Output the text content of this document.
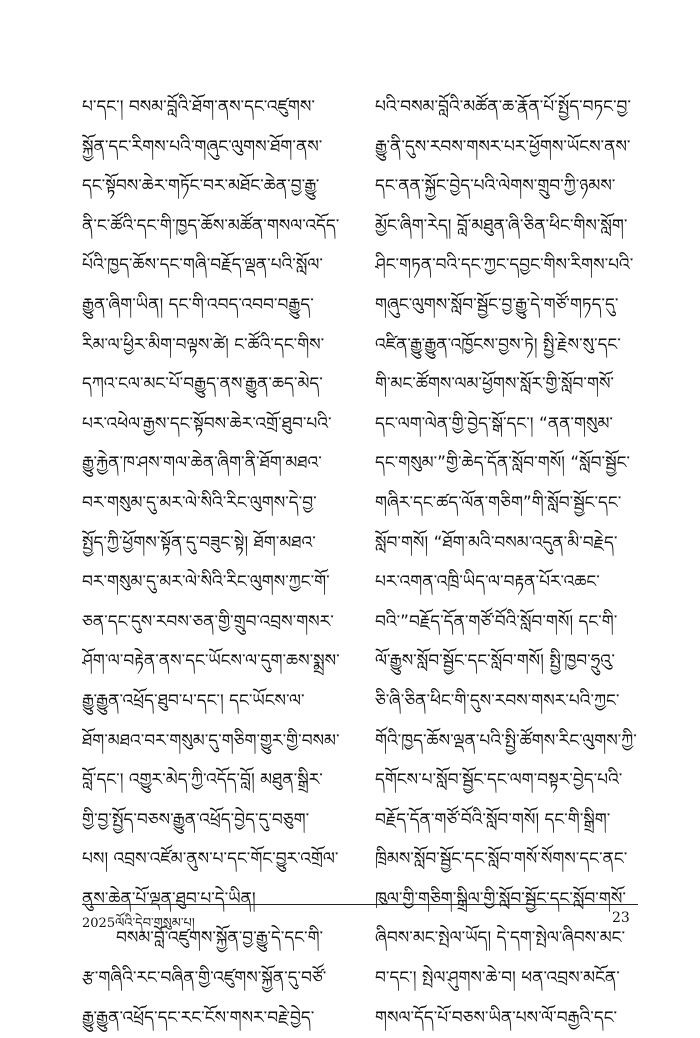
པ་དང་། བསམ་བློའི་ཐོག་ནས་དང་འཛུགས་
སྐྱོན་དང་རིགས་པའི་གཞུང་ལུགས་ཐོག་ནས་
དང་སྟོབས་ཆེར་གཏོང་བར་མཐོང་ཆེན་བྱ་རྒྱུ་
ནི་ང་ཚོའི་དང་གི་ཁྱད་ཆོས་མཚོན་གསལ་འདོད་
པོའི་ཁྱད་ཆོས་དང་གཞི་བརྗོད་ལྡན་པའི་སློལ་
རྒྱུན་ཞིག་ཡིན། དང་གི་འབད་འབབ་བརྒྱུད་
རིམ་ལ་ཕྱིར་མིག་བལྟས་ཚེ། ང་ཚོའི་དང་གིས་
དཀའ་ངལ་མང་པོ་བརྒྱུད་ནས་རྒྱུན་ཆད་མེད་
པར་འཕེལ་རྒྱས་དང་སྟོབས་ཆེར་འགྲོ་ཐུབ་པའི་
རྒྱུ་རྐྱེན་ཁ་ཤས་གལ་ཆེན་ཞིག་ནི་ཐོག་མཐའ་
བར་གསུམ་དུ་མར་ལེ་སིའི་རིང་ལུགས་དེ་བྱ་
སྤྱོད་ཀྱི་ཕྱོགས་སྟོན་དུ་བཟུང་སྟེ། ཐོག་མཐའ་
བར་གསུམ་དུ་མར་ལེ་སིའི་རིང་ལུགས་ཀྱང་གོ་
ཅན་དང་དུས་རབས་ཅན་གྱི་གྲུབ་འབྲས་གསར་
ཤོག་ལ་བརྟེན་ནས་དང་ཡོངས་ལ་དུག་ཆས་སྨྲས་
རྒྱུ་རྒྱུན་འཕྲོད་ཐུབ་པ་དང་། དང་ཡོངས་ལ་
ཐོག་མཐའ་བར་གསུམ་དུ་གཅིག་གྱུར་གྱི་བསམ་
བློ་དང་། འགྱུར་མེད་ཀྱི་འདོད་བློ། མཐུན་སྒྲིར་
གྱི་བྱ་སྤྱོད་བཅས་རྒྱུན་འཕྲོད་བྱེད་དུ་བཅུག་
པས། འབྲས་འཛོམ་ནུས་པ་དང་གོང་བྱུར་འགྲོལ་
ནུས་ཆེན་པོ་ལྡན་ཐུབ་པ་དེ་ཡིན།
བསམ་བློ་འཛུགས་སྐྱོན་བྱ་རྒྱུ་དེ་དང་གི་
རྩ་གཞིའི་རང་བཞིན་གྱི་འཛུགས་སྐྱོན་དུ་བཙོ་
རྒྱུ་རྒྱུན་འཕྲོད་དང་རང་ངོས་གསར་བརྗེ་བྱེད་
པའི་བསམ་བློའི་མཚོན་ཆ་རྣོན་པོ་སྤྱོད་བཏང་བྱ་
རྒྱུ་ནི་དུས་རབས་གསར་པར་ཕྱོགས་ཡོངས་ནས་
དང་ནན་སྐྱོང་བྱེད་པའི་ལེགས་གྲུབ་ཀྱི་ཉམས་
མྱོང་ཞིག་རེད། བློ་མཐུན་ཞི་ཅིན་ཕིང་གིས་སློག་
ཤིང་གཏན་བའི་དང་ཀྱང་དབྱང་གིས་རིགས་པའི་
གཞུང་ལུགས་སློབ་སྦྱོང་བྱ་རྒྱུ་དེ་གཙོ་གཏད་དུ་
འཛིན་རྒྱུ་རྒྱུན་འཁྱོངས་བྱས་ཏེ། སྤྱི་རྗེས་སུ་དང་
གི་མང་ཚོགས་ལམ་ཕྱོགས་སློར་གྱི་སློབ་གསོ་
དང་ལག་ལེན་གྱི་བྱེད་སྒོ་དང་། “ནན་གསུམ་
དང་གསུམ་”གྱི་ཆེད་དོན་སློབ་གསོ། “སློབ་སྦྱོང་
གཞིར་དང་ཚད་ལོན་གཅིག”གི་སློབ་སྦྱོང་དང་
སློབ་གསོ། “ཐོག་མའི་བསམ་འདུན་མི་བརྗེད་
པར་འགན་འཁྲི་ཡིད་ལ་བརྟན་པོར་འཆང་
བའི་”བརྗོད་དོན་གཙོ་བོའི་སློབ་གསོ། དང་གི་
ལོ་རྒྱུས་སློབ་སྦྱོང་དང་སློབ་གསོ། སྤྱི་ཁྱབ་ཧྲུའུ་
ཅི་ཞི་ཅིན་ཕིང་གི་དུས་རབས་གསར་པའི་ཀྱང་
གོའི་ཁྱད་ཆོས་ལྡན་པའི་སྤྱི་ཚོགས་རིང་ལུགས་ཀྱི་
དགོངས་པ་སློབ་སྦྱོང་དང་ལག་བསྟར་བྱེད་པའི་
བརྗོད་དོན་གཙོ་བོའི་སློབ་གསོ། དང་གི་སྒྲིག་
ཁྲིམས་སློབ་སྦྱོང་དང་སློབ་གསོ་སོགས་དང་ནང་
ཁུལ་གྱི་གཅིག་སྒྲིལ་གྱི་སློབ་སྦྱོང་དང་སློབ་གསོ་
ཞིབས་མང་སྤེལ་ཡོད། དེ་དག་སྤེལ་ཞིབས་མང་
བ་དང་། སྤེལ་ཤུགས་ཆེ་བ། ཕན་འབྲས་མངོན་
གསལ་དོད་པོ་བཅས་ཡིན་པས་ལོ་བརྒྱའི་དང་
2025ལོའི་དེབ་གསུམ་པ།	23
